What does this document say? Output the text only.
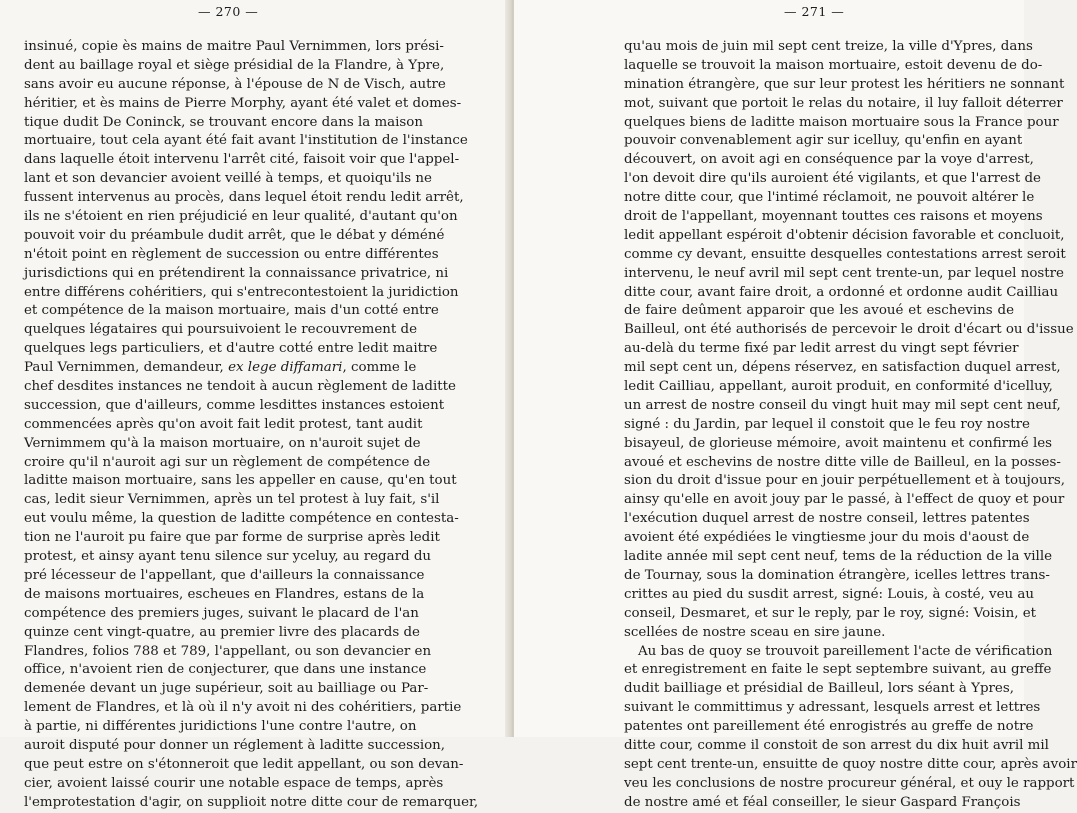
— 270 —
insinué, copie ès mains de maitre Paul Vernimmen, lors prési-
dent au baillage royal et siège présidial de la Flandre, à Ypre,
sans avoir eu aucune réponse, à l'épouse de N de Visch, autre
héritier, et ès mains de Pierre Morphy, ayant été valet et domes-
tique dudit De Coninck, se trouvant encore dans la maison
mortuaire, tout cela ayant été fait avant l'institution de l'instance
dans laquelle étoit intervenu l'arrêt cité, faisoit voir que l'appel-
lant et son devancier avoient veillé à temps, et quoiqu'ils ne
fussent intervenus au procès, dans lequel étoit rendu ledit arrêt,
ils ne s'étoient en rien préjudicié en leur qualité, d'autant qu'on
pouvoit voir du préambule dudit arrêt, que le débat y déméné
n'étoit point en règlement de succession ou entre différentes
jurisdictions qui en prétendirent la connaissance privatrice, ni
entre différens cohéritiers, qui s'entrecontestoient la juridiction
et compétence de la maison mortuaire, mais d'un cotté entre
quelques légataires qui poursuivoient le recouvrement de
quelques legs particuliers, et d'autre cotté entre ledit maitre
Paul Vernimmen, demandeur, ex lege diffamari, comme le
chef desdites instances ne tendoit à aucun règlement de laditte
succession, que d'ailleurs, comme lesdittes instances estoient
commencées après qu'on avoit fait ledit protest, tant audit
Vernimmem qu'à la maison mortuaire, on n'auroit sujet de
croire qu'il n'auroit agi sur un règlement de compétence de
laditte maison mortuaire, sans les appeller en cause, qu'en tout
cas, ledit sieur Vernimmen, après un tel protest à luy fait, s'il
eut voulu même, la question de laditte compétence en contesta-
tion ne l'auroit pu faire que par forme de surprise après ledit
protest, et ainsy ayant tenu silence sur yceluy, au regard du
pré lécesseur de l'appellant, que d'ailleurs la connaissance
de maisons mortuaires, escheues en Flandres, estans de la
compétence des premiers juges, suivant le placard de l'an
quinze cent vingt-quatre, au premier livre des placards de
Flandres, folios 788 et 789, l'appellant, ou son devancier en
office, n'avoient rien de conjecturer, que dans une instance
demenée devant un juge supérieur, soit au bailliage ou Par-
lement de Flandres, et là où il n'y avoit ni des cohéritiers, partie
à partie, ni différentes juridictions l'une contre l'autre, on
auroit disputé pour donner un réglement à laditte succession,
que peut estre on s'étonneroit que ledit appellant, ou son devan-
cier, avoient laissé courir une notable espace de temps, après
l'emprotestation d'agir, on supplioit notre ditte cour de remarquer,
— 271 —
qu'au mois de juin mil sept cent treize, la ville d'Ypres, dans
laquelle se trouvoit la maison mortuaire, estoit devenu de do-
mination étrangère, que sur leur protest les héritiers ne sonnant
mot, suivant que portoit le relas du notaire, il luy falloit déterrer
quelques biens de laditte maison mortuaire sous la France pour
pouvoir convenablement agir sur icelluy, qu'enfin en ayant
découvert, on avoit agi en conséquence par la voye d'arrest,
l'on devoit dire qu'ils auroient été vigilants, et que l'arrest de
notre ditte cour, que l'intimé réclamoit, ne pouvoit altérer le
droit de l'appellant, moyennant touttes ces raisons et moyens
ledit appellant espéroit d'obtenir décision favorable et concluoit,
comme cy devant, ensuitte desquelles contestations arrest seroit
intervenu, le neuf avril mil sept cent trente-un, par lequel nostre
ditte cour, avant faire droit, a ordonné et ordonne audit Cailliau
de faire deûment apparoir que les avoué et eschevins de
Bailleul, ont été authorisés de percevoir le droit d'écart ou d'issue
au-delà du terme fixé par ledit arrest du vingt sept février
mil sept cent un, dépens réservez, en satisfaction duquel arrest,
ledit Cailliau, appellant, auroit produit, en conformité d'icelluy,
un arrest de nostre conseil du vingt huit may mil sept cent neuf,
signé : du Jardin, par lequel il constoit que le feu roy nostre
bisayeul, de glorieuse mémoire, avoit maintenu et confirmé les
avoué et eschevins de nostre ditte ville de Bailleul, en la posses-
sion du droit d'issue pour en jouir perpétuellement et à toujours,
ainsy qu'elle en avoit jouy par le passé, à l'effect de quoy et pour
l'exécution duquel arrest de nostre conseil, lettres patentes
avoient été expédiées le vingtiesme jour du mois d'aoust de
ladite année mil sept cent neuf, tems de la réduction de la ville
de Tournay, sous la domination étrangère, icelles lettres trans-
crittes au pied du susdit arrest, signé: Louis, à costé, veu au
conseil, Desmaret, et sur le reply, par le roy, signé: Voisin, et
scellées de nostre sceau en sire jaune.
Au bas de quoy se trouvoit pareillement l'acte de vérification
et enregistrement en faite le sept septembre suivant, au greffe
dudit bailliage et présidial de Bailleul, lors séant à Ypres,
suivant le committimus y adressant, lesquels arrest et lettres
patentes ont pareillement été enrogistrés au greffe de notre
ditte cour, comme il constoit de son arrest du dix huit avril mil
sept cent trente-un, ensuitte de quoy nostre ditte cour, après avoir
veu les conclusions de nostre procureur général, et ouy le rapport
de nostre amé et féal conseiller, le sieur Gaspard François
